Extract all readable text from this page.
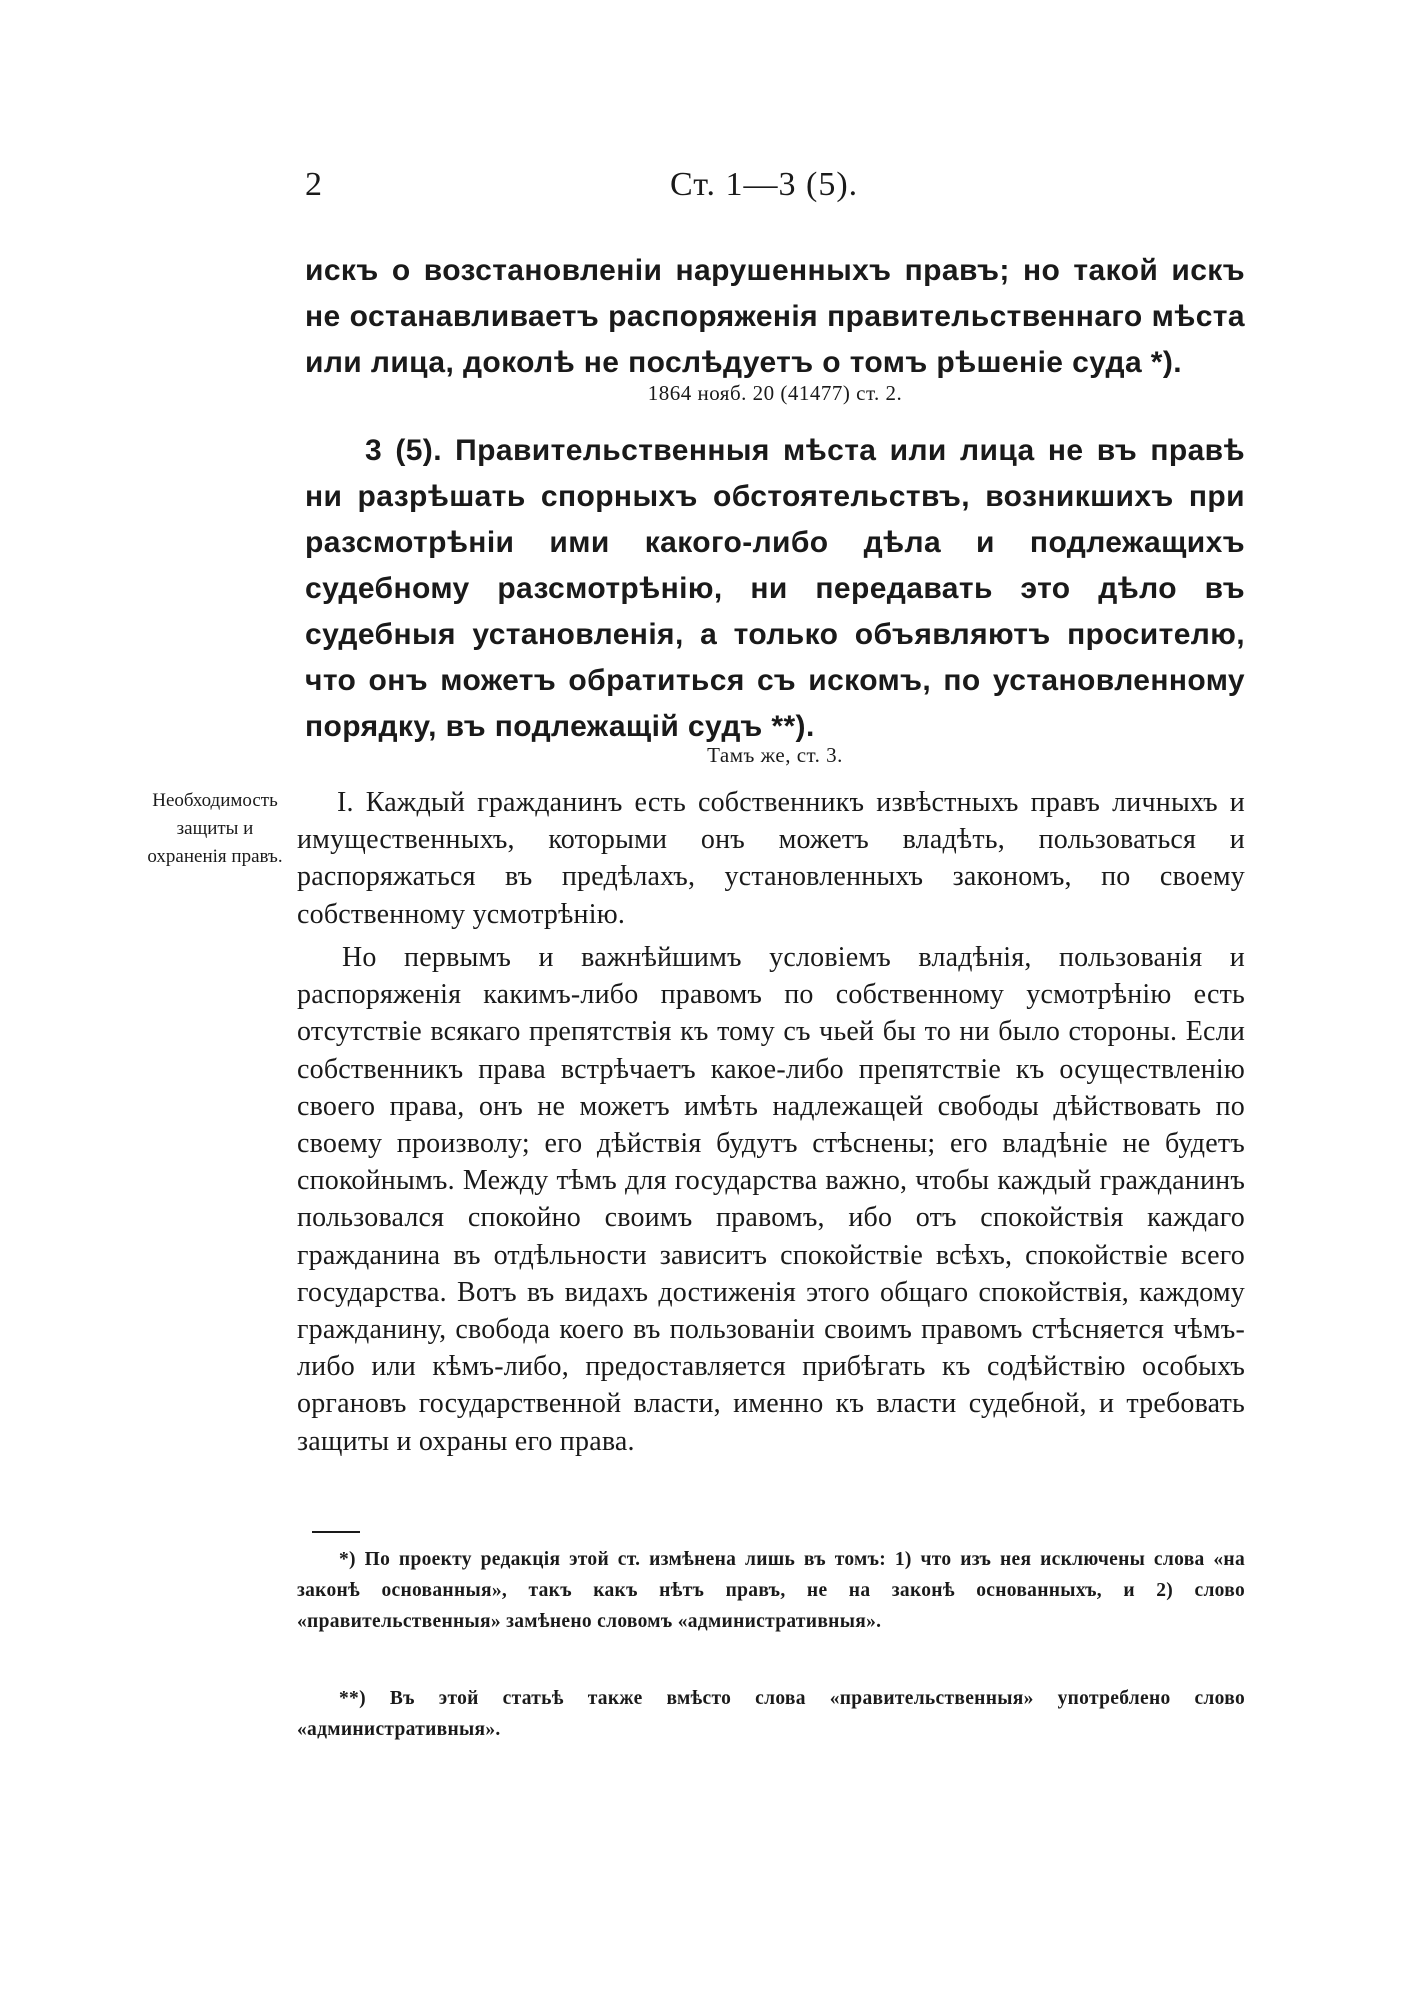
2	Ст. 1—3 (5).
искъ о возстановленіи нарушенныхъ правъ; но такой искъ не останавливаетъ распоряженія правительственнаго мѣста или лица, доколѣ не послѣдуетъ о томъ рѣшеніе суда *).
1864 нояб. 20 (41477) ст. 2.
3 (5). Правительственныя мѣста или лица не въ правѣ ни разрѣшать спорныхъ обстоятельствъ, возникшихъ при разсмотрѣніи ими какого-либо дѣла и подлежащихъ судебному разсмотрѣнію, ни передавать это дѣло въ судебныя установленія, а только объявляютъ просителю, что онъ можетъ обратиться съ искомъ, по установленному порядку, въ подлежащій судъ **).
Тамъ же, ст. 3.
Необходимость защиты и охраненія правъ.
I. Каждый гражданинъ есть собственникъ извѣстныхъ правъ личныхъ и имущественныхъ, которыми онъ можетъ владѣть, пользоваться и распоряжаться въ предѣлахъ, установленныхъ закономъ, по своему собственному усмотрѣнію.
Но первымъ и важнѣйшимъ условіемъ владѣнія, пользованія и распоряженія какимъ-либо правомъ по собственному усмотрѣнію есть отсутствіе всякаго препятствія къ тому съ чьей бы то ни было стороны. Если собственникъ права встрѣчаетъ какое-либо препятствіе къ осуществленію своего права, онъ не можетъ имѣть надлежащей свободы дѣйствовать по своему произволу; его дѣйствія будутъ стѣснены; его владѣніе не будетъ спокойнымъ. Между тѣмъ для государства важно, чтобы каждый гражданинъ пользовался спокойно своимъ правомъ, ибо отъ спокойствія каждаго гражданина въ отдѣльности зависитъ спокойствіе всѣхъ, спокойствіе всего государства. Вотъ въ видахъ достиженія этого общаго спокойствія, каждому гражданину, свобода коего въ пользованіи своимъ правомъ стѣсняется чѣмъ-либо или кѣмъ-либо, предоставляется прибѣгать къ содѣйствію особыхъ органовъ государственной власти, именно къ власти судебной, и требовать защиты и охраны его права.
*) По проекту редакція этой ст. измѣнена лишь въ томъ: 1) что изъ нея исключены слова «на законѣ основанныя», такъ какъ нѣтъ правъ, не на законѣ основанныхъ, и 2) слово «правительственныя» замѣнено словомъ «административныя».
**) Въ этой статьѣ также вмѣсто слова «правительственныя» употреблено слово «административныя».
